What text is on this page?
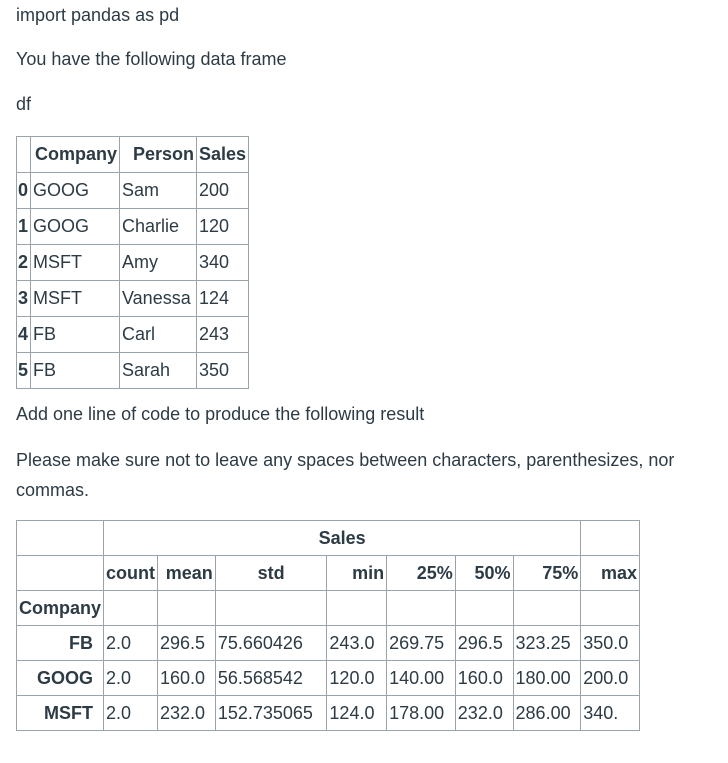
import pandas as pd

You have the following data frame

df

	Company	Person	Sales
0	GOOG	Sam	200
1	GOOG	Charlie	120
2	MSFT	Amy	340
3	MSFT	Vanessa	124
4	FB	Carl	243
5	FB	Sarah	350

Add one line of code to produce the following result

Please make sure not to leave any spaces between characters, parenthesizes, nor commas.

	Sales							
	count	mean	std	min	25%	50%	75%	max
Company								
FB	2.0	296.5	75.660426	243.0	269.75	296.5	323.25	350.0
GOOG	2.0	160.0	56.568542	120.0	140.00	160.0	180.00	200.0
MSFT	2.0	232.0	152.735065	124.0	178.00	232.0	286.00	340.
